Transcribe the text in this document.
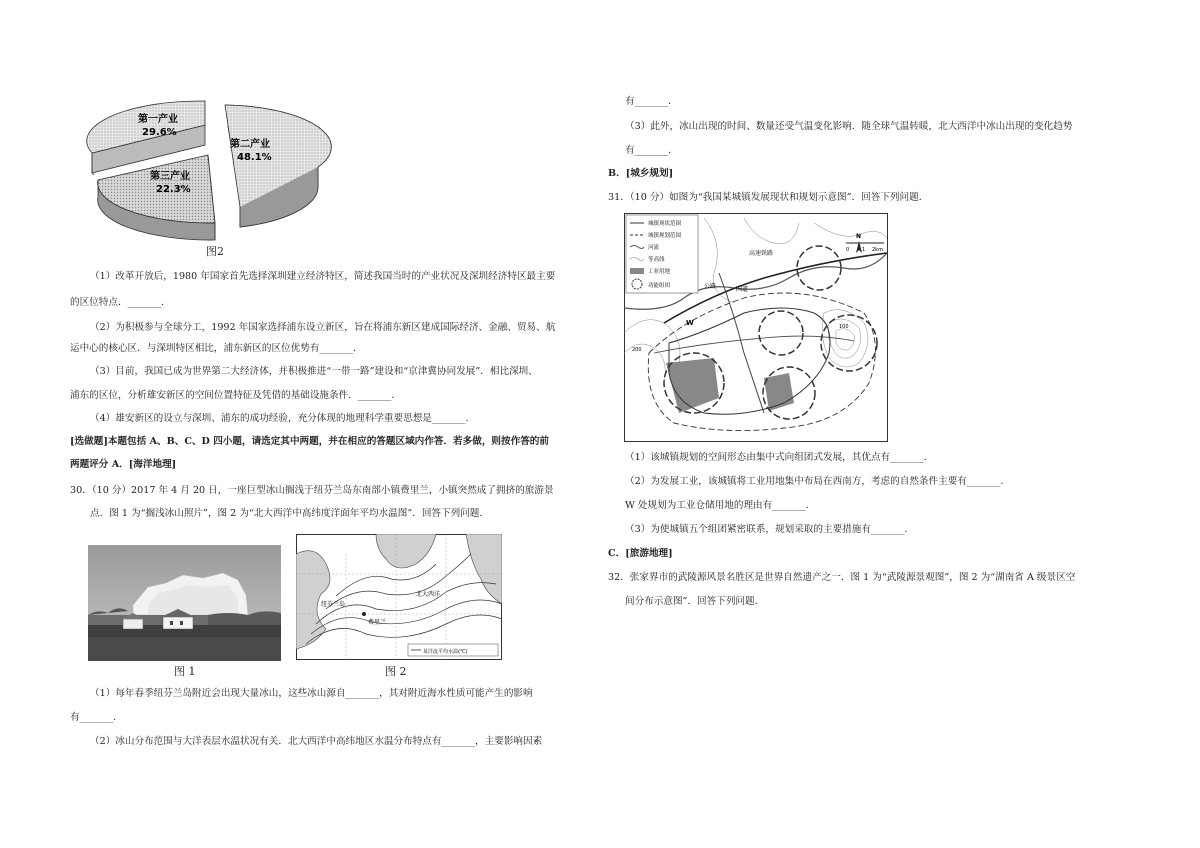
第一产业
29.6%
第二产业
48.1%
第三产业
22.3%
图2
（1）改革开放后，1980 年国家首先选择深圳建立经济特区，简述我国当时的产业状况及深圳经济特区最主要
的区位特点．_______．
（2）为积极参与全球分工，1992 年国家选择浦东设立新区，旨在将浦东新区建成国际经济、金融、贸易、航
运中心的核心区．与深圳特区相比，浦东新区的区位优势有_______．
（3）目前，我国已成为世界第二大经济体，并积极推进“一带一路”建设和“京津冀协同发展”．相比深圳、
浦东的区位，分析雄安新区的空间位置特征及凭借的基础设施条件．_______．
（4）雄安新区的设立与深圳、浦东的成功经验，充分体现的地理科学重要思想是_______．
[选做题]本题包括 A、B、C、D 四小题，请选定其中两题，并在相应的答题区域内作答．若多做，则按作答的前
两题评分 A．[海洋地理]
30．（10 分）2017 年 4 月 20 日，一座巨型冰山搁浅于纽芬兰岛东南部小镇费里兰，小镇突然成了拥挤的旅游景
点．图 1 为“搁浅冰山照片”，图 2 为“北大西洋中高纬度洋面年平均水温图”．回答下列问题．
图 1
纽芬兰岛
费里兰
北大西洋
某洋流平均水温(℃)
图 2
（1）每年春季纽芬兰岛附近会出现大量冰山，这些冰山源自_______，其对附近海水性质可能产生的影响
有_______．
（2）冰山分布范围与大洋表层水温状况有关．北大西洋中高纬地区水温分布特点有_______，主要影响因素
有_______．
（3）此外，冰山出现的时间、数量还受气温变化影响．随全球气温转暖，北大西洋中冰山出现的变化趋势
有_______．
B．[城乡规划]
31．（10 分）如图为“我国某城镇发展现状和规划示意图”．回答下列问题．
城镇现状范围
城镇规划范围
河流
等高线
工业用地
功能组团
N
0	1 2km
高速铁路
国道
公路
W	100
200
（1）该城镇规划的空间形态由集中式向组团式发展，其优点有_______．
（2）为发展工业，该城镇将工业用地集中布局在西南方，考虑的自然条件主要有_______．
W 处规划为工业仓储用地的理由有_______．
（3）为使城镇五个组团紧密联系，规划采取的主要措施有_______．
C．[旅游地理]
32．张家界市的武陵源风景名胜区是世界自然遗产之一．图 1 为“武陵源景观图”，图 2 为“湖南省 A 级景区空
间分布示意图”．回答下列问题．
